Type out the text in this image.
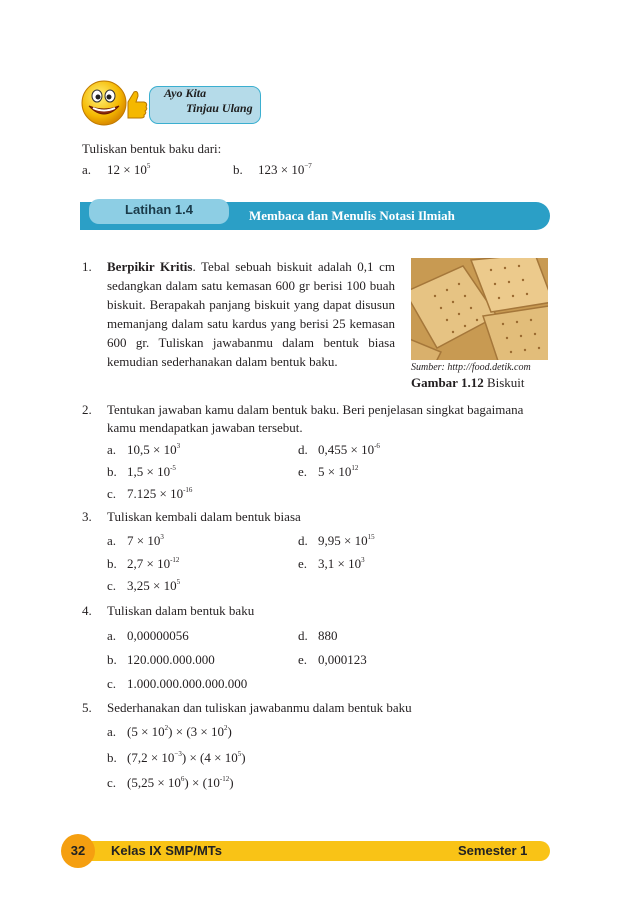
Ayo Kita
Tinjau Ulang
Tuliskan bentuk baku dari:
a. $12 \times 10^5$	b. $123 \times 10^{-7}$
Latihan 1.4	Membaca dan Menulis Notasi Ilmiah
1. Berpikir Kritis. Tebal sebuah biskuit adalah 0,1 cm sedangkan dalam satu kemasan 600 gr berisi 100 buah biskuit. Berapakah panjang biskuit yang dapat disusun memanjang dalam satu kardus yang berisi 25 kemasan 600 gr. Tuliskan jawabanmu dalam bentuk biasa kemudian sederhanakan dalam bentuk baku.	Sumber: http://food.detik.com
Gambar 1.12 Biskuit
2. Tentukan jawaban kamu dalam bentuk baku. Beri penjelasan singkat bagaimana
kamu mendapatkan jawaban tersebut.
a. $10,5 \times 10^3$	d. $0,455 \times 10^{-6}$
b. $1,5 \times 10^{-5}$	e. $5 \times 10^{12}$
c. $7.125 \times 10^{-16}$
3. Tuliskan kembali dalam bentuk biasa
a. $7 \times 10^3$	d. $9,95 \times 10^{15}$
b. $2,7 \times 10^{-12}$	e. $3,1 \times 10^3$
c. $3,25 \times 10^5$
4. Tuliskan dalam bentuk baku
a. 0,00000056	d. 880
b. 120.000.000.000	e. 0,000123
c. 1.000.000.000.000.000
5. Sederhanakan dan tuliskan jawabanmu dalam bentuk baku
a. $(5 \times 10^2) \times (3 \times 10^2)$
b. $(7,2 \times 10^{-3}) \times (4 \times 10^5)$
c. $(5,25 \times 10^6) \times (10^{-12})$
32	Kelas IX SMP/MTs	Semester 1
